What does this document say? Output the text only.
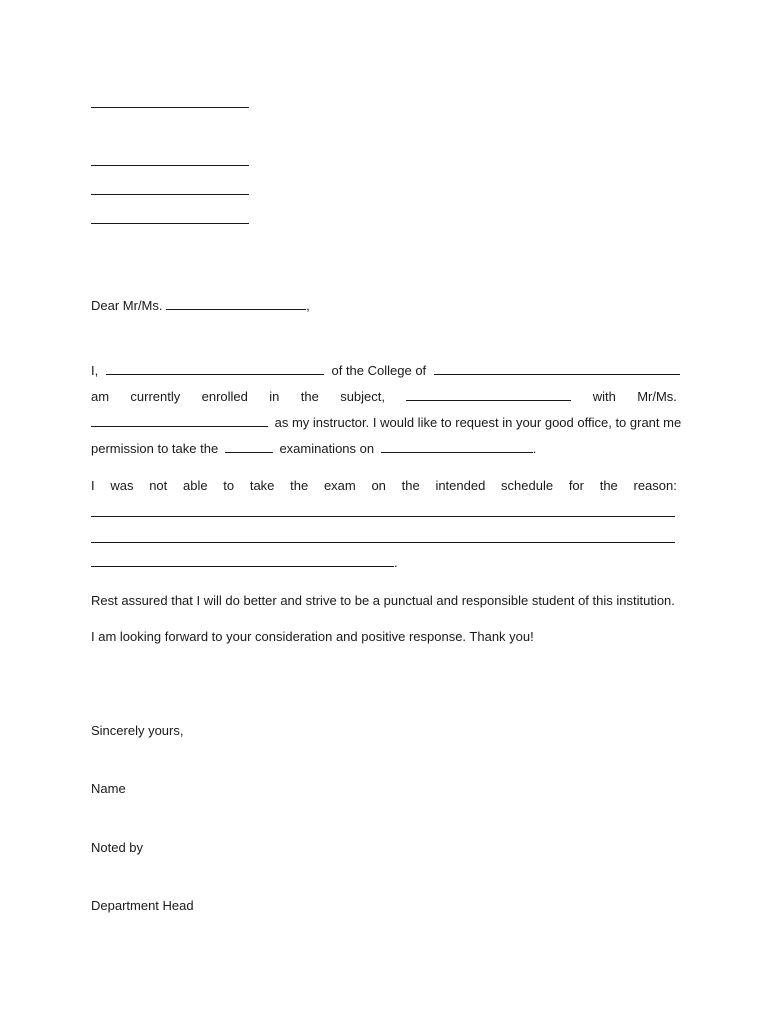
Dear Mr/Ms.	,
I,	of the College of
am currently enrolled in the subject,	with Mr/Ms.
as my instructor. I would like to request in your good office, to grant me
permission to take the	examinations on	.
I was not able to take the exam on the intended schedule for the reason:
.
Rest assured that I will do better and strive to be a punctual and responsible student of this institution.
I am looking forward to your consideration and positive response. Thank you!
Sincerely yours,
Name
Noted by
Department Head
